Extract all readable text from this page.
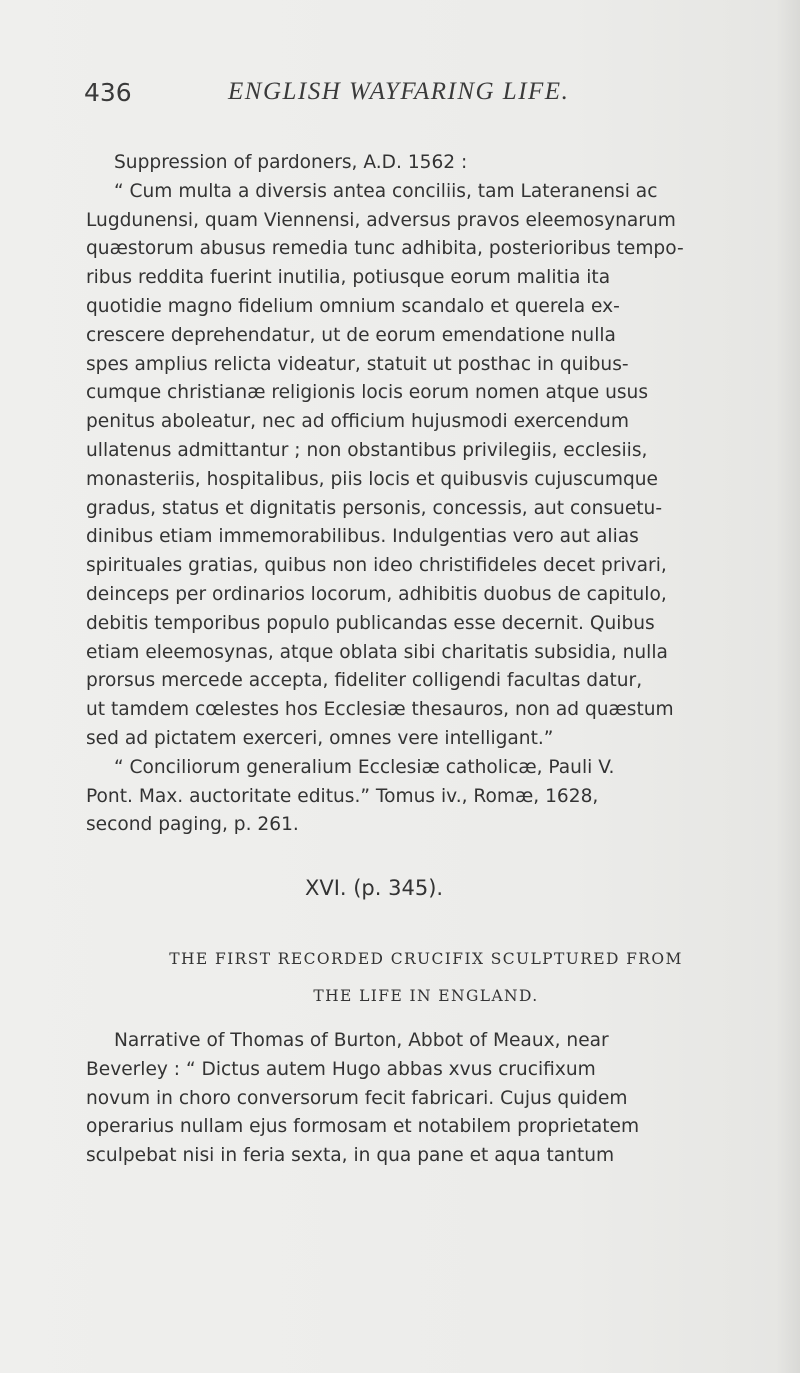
436	ENGLISH WAYFARING LIFE.
Suppression of pardoners, A.D. 1562 :
“ Cum multa a diversis antea conciliis, tam Lateranensi ac
Lugdunensi, quam Viennensi, adversus pravos eleemosynarum
quæstorum abusus remedia tunc adhibita, posterioribus tempo-
ribus reddita fuerint inutilia, potiusque eorum malitia ita
quotidie magno fidelium omnium scandalo et querela ex-
crescere deprehendatur, ut de eorum emendatione nulla
spes amplius relicta videatur, statuit ut posthac in quibus-
cumque christianæ religionis locis eorum nomen atque usus
penitus aboleatur, nec ad officium hujusmodi exercendum
ullatenus admittantur ; non obstantibus privilegiis, ecclesiis,
monasteriis, hospitalibus, piis locis et quibusvis cujuscumque
gradus, status et dignitatis personis, concessis, aut consuetu-
dinibus etiam immemorabilibus. Indulgentias vero aut alias
spirituales gratias, quibus non ideo christifideles decet privari,
deinceps per ordinarios locorum, adhibitis duobus de capitulo,
debitis temporibus populo publicandas esse decernit. Quibus
etiam eleemosynas, atque oblata sibi charitatis subsidia, nulla
prorsus mercede accepta, fideliter colligendi facultas datur,
ut tamdem cœlestes hos Ecclesiæ thesauros, non ad quæstum
sed ad pictatem exerceri, omnes vere intelligant.”
“ Conciliorum generalium Ecclesiæ catholicæ, Pauli V.
Pont. Max. auctoritate editus.” Tomus iv., Romæ, 1628,
second paging, p. 261.
XVI. (p. 345).
THE FIRST RECORDED CRUCIFIX SCULPTURED FROM
THE LIFE IN ENGLAND.
Narrative of Thomas of Burton, Abbot of Meaux, near
Beverley : “ Dictus autem Hugo abbas xvus crucifixum
novum in choro conversorum fecit fabricari. Cujus quidem
operarius nullam ejus formosam et notabilem proprietatem
sculpebat nisi in feria sexta, in qua pane et aqua tantum
